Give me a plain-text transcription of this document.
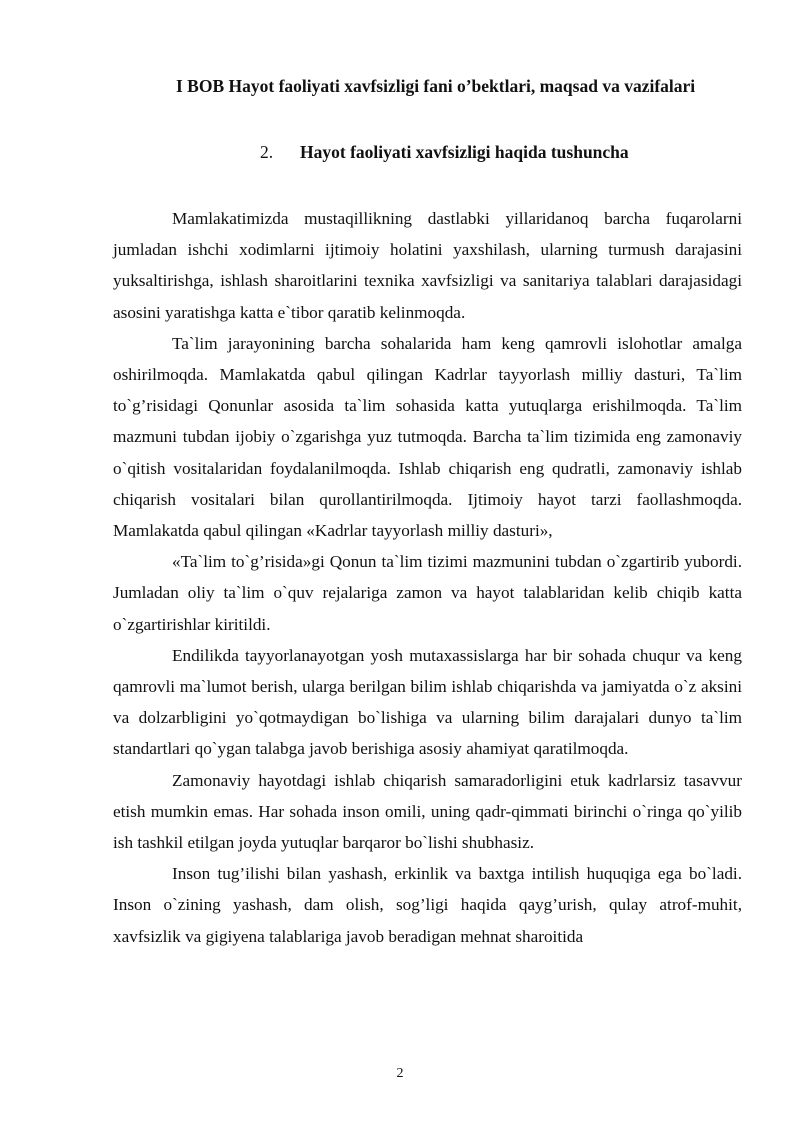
I BOB Hayot faoliyati xavfsizligi fani o’bektlari, maqsad va vazifalari
2. Hayot faoliyati xavfsizligi haqida tushuncha

Mamlakatimizda mustaqillikning dastlabki yillaridanoq barcha fuqarolarni jumladan ishchi xodimlarni ijtimoiy holatini yaxshilash, ularning turmush darajasini yuksaltirishga, ishlash sharoitlarini texnika xavfsizligi va sanitariya talablari darajasidagi asosini yaratishga katta e`tibor qaratib kelinmoqda.

Ta`lim jarayonining barcha sohalarida ham keng qamrovli islohotlar amalga oshirilmoqda. Mamlakatda qabul qilingan Kadrlar tayyorlash milliy dasturi, Ta`lim to`g’risidagi Qonunlar asosida ta`lim sohasida katta yutuqlarga erishilmoqda. Ta`lim mazmuni tubdan ijobiy o`zgarishga yuz tutmoqda. Barcha ta`lim tizimida eng zamonaviy o`qitish vositalaridan foydalanilmoqda. Ishlab chiqarish eng qudratli, zamonaviy ishlab chiqarish vositalari bilan qurollantirilmoqda. Ijtimoiy hayot tarzi faollashmoqda. Mamlakatda qabul qilingan «Kadrlar tayyorlash milliy dasturi»,

«Ta`lim to`g’risida»gi Qonun ta`lim tizimi mazmunini tubdan o`zgartirib yubordi. Jumladan oliy ta`lim o`quv rejalariga zamon va hayot talablaridan kelib chiqib katta o`zgartirishlar kiritildi.

Endilikda tayyorlanayotgan yosh mutaxassislarga har bir sohada chuqur va keng qamrovli ma`lumot berish, ularga berilgan bilim ishlab chiqarishda va jamiyatda o`z aksini va dolzarbligini yo`qotmaydigan bo`lishiga va ularning bilim darajalari dunyo ta`lim standartlari qo`ygan talabga javob berishiga asosiy ahamiyat qaratilmoqda.

Zamonaviy hayotdagi ishlab chiqarish samaradorligini etuk kadrlarsiz tasavvur etish mumkin emas. Har sohada inson omili, uning qadr-qimmati birinchi o`ringa qo`yilib ish tashkil etilgan joyda yutuqlar barqaror bo`lishi shubhasiz.

Inson tug’ilishi bilan yashash, erkinlik va baxtga intilish huquqiga ega bo`ladi. Inson o`zining yashash, dam olish, sog’ligi haqida qayg’urish, qulay atrof-muhit, xavfsizlik va gigiyena talablariga javob beradigan mehnat sharoitida

2
